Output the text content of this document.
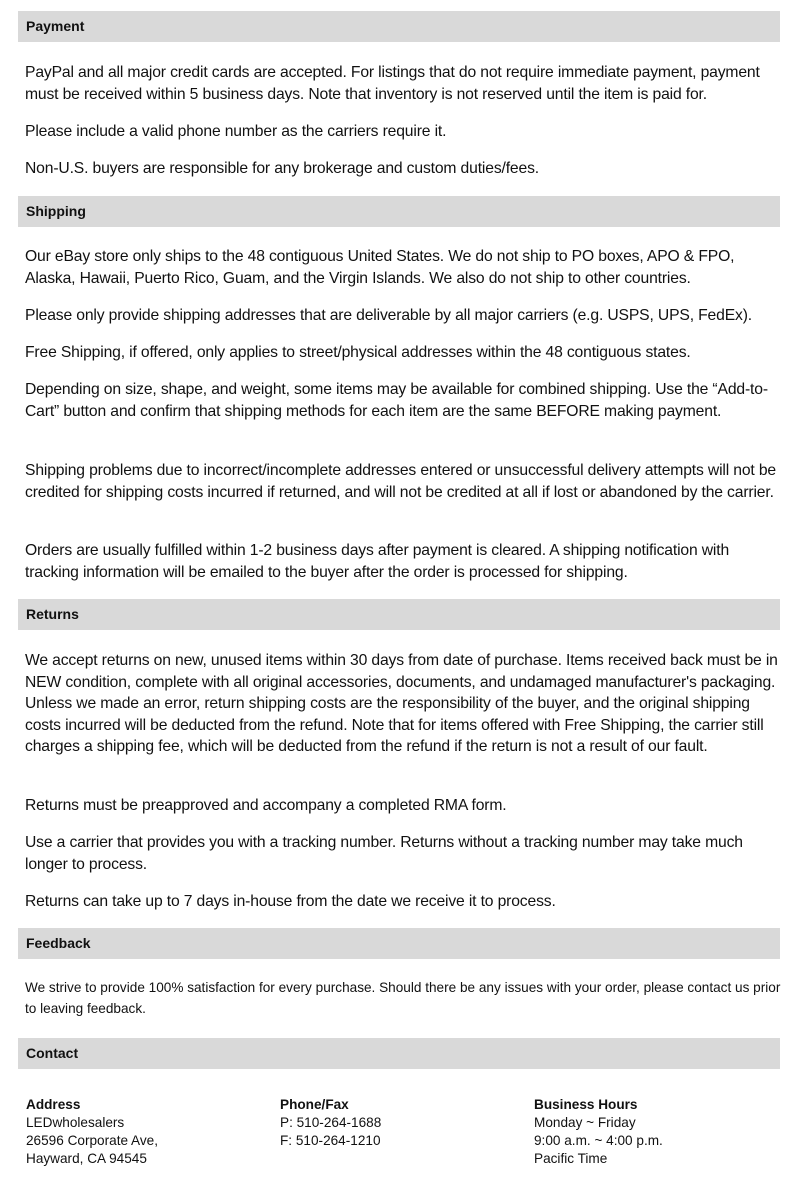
Payment

PayPal and all major credit cards are accepted. For listings that do not require immediate payment, payment must be received within 5 business days. Note that inventory is not reserved until the item is paid for.

Please include a valid phone number as the carriers require it.

Non-U.S. buyers are responsible for any brokerage and custom duties/fees.

Shipping

Our eBay store only ships to the 48 contiguous United States. We do not ship to PO boxes, APO & FPO, Alaska, Hawaii, Puerto Rico, Guam, and the Virgin Islands. We also do not ship to other countries.

Please only provide shipping addresses that are deliverable by all major carriers (e.g. USPS, UPS, FedEx).

Free Shipping, if offered, only applies to street/physical addresses within the 48 contiguous states.

Depending on size, shape, and weight, some items may be available for combined shipping. Use the “Add-to-Cart” button and confirm that shipping methods for each item are the same BEFORE making payment.

Shipping problems due to incorrect/incomplete addresses entered or unsuccessful delivery attempts will not be credited for shipping costs incurred if returned, and will not be credited at all if lost or abandoned by the carrier.

Orders are usually fulfilled within 1-2 business days after payment is cleared. A shipping notification with tracking information will be emailed to the buyer after the order is processed for shipping.

Returns

We accept returns on new, unused items within 30 days from date of purchase. Items received back must be in NEW condition, complete with all original accessories, documents, and undamaged manufacturer's packaging. Unless we made an error, return shipping costs are the responsibility of the buyer, and the original shipping costs incurred will be deducted from the refund. Note that for items offered with Free Shipping, the carrier still charges a shipping fee, which will be deducted from the refund if the return is not a result of our fault.

Returns must be preapproved and accompany a completed RMA form.

Use a carrier that provides you with a tracking number. Returns without a tracking number may take much longer to process.

Returns can take up to 7 days in-house from the date we receive it to process.

Feedback

We strive to provide 100% satisfaction for every purchase. Should there be any issues with your order, please contact us prior to leaving feedback.

Contact
Address
LEDwholesalers
26596 Corporate Ave,
Hayward, CA 94545
Phone/Fax
P: 510-264-1688
F: 510-264-1210
Business Hours
Monday ~ Friday
9:00 a.m. ~ 4:00 p.m.
Pacific Time
